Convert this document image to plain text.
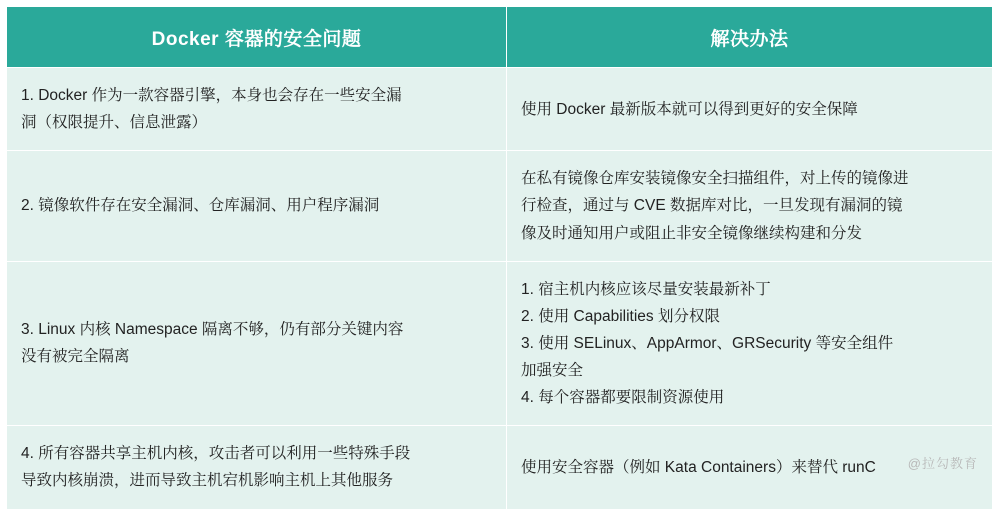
Docker 容器的安全问题	解决办法

1. Docker 作为一款容器引擎，本身也会存在一些安全漏
洞（权限提升、信息泄露）	使用 Docker 最新版本就可以得到更好的安全保障

2. 镜像软件存在安全漏洞、仓库漏洞、用户程序漏洞	在私有镜像仓库安装镜像安全扫描组件，对上传的镜像进
行检查，通过与 CVE 数据库对比，一旦发现有漏洞的镜
像及时通知用户或阻止非安全镜像继续构建和分发

3. Linux 内核 Namespace 隔离不够，仍有部分关键内容
没有被完全隔离	1. 宿主机内核应该尽量安装最新补丁
2. 使用 Capabilities 划分权限
3. 使用 SELinux、AppArmor、GRSecurity 等安全组件
加强安全
4. 每个容器都要限制资源使用

4. 所有容器共享主机内核，攻击者可以利用一些特殊手段
导致内核崩溃，进而导致主机宕机影响主机上其他服务	使用安全容器（例如 Kata Containers）来替代 runC	@拉勾教育
